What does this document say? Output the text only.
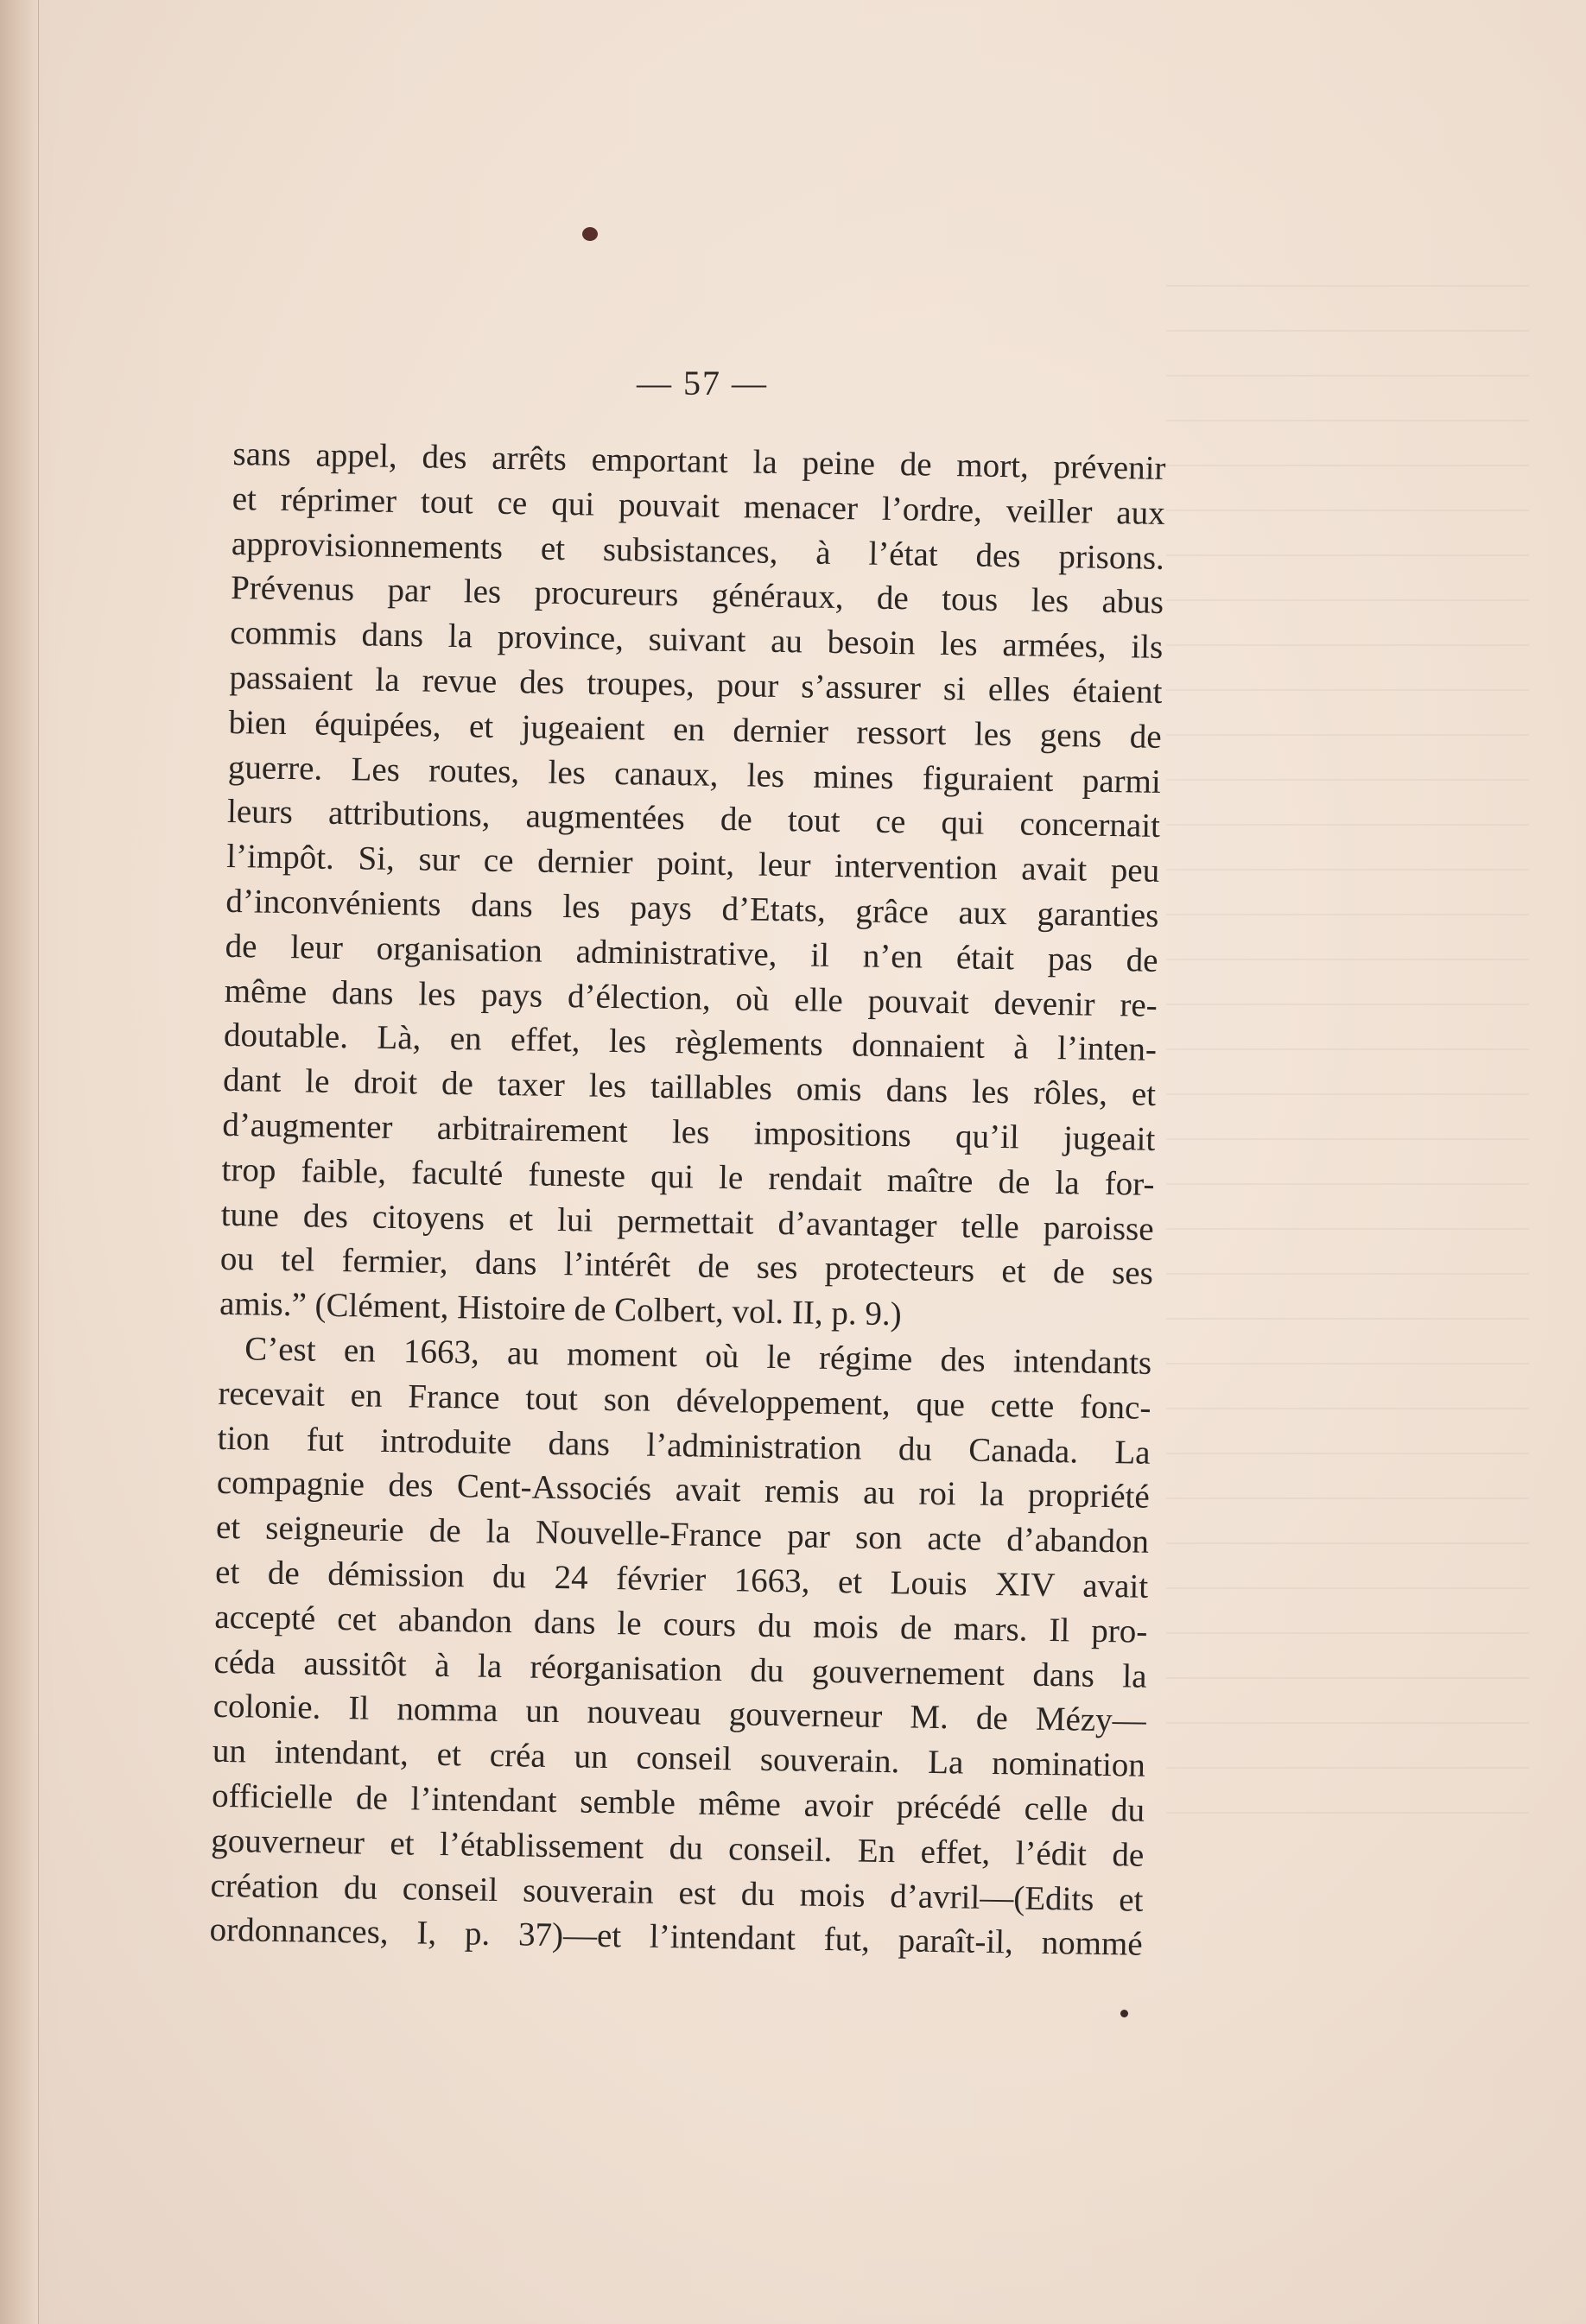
— 57 —
sans appel, des arrêts emportant la peine de mort, prévenir
et réprimer tout ce qui pouvait menacer l’ordre, veiller aux
approvisionnements et subsistances, à l’état des prisons.
Prévenus par les procureurs généraux, de tous les abus
commis dans la province, suivant au besoin les armées, ils
passaient la revue des troupes, pour s’assurer si elles étaient
bien équipées, et jugeaient en dernier ressort les gens de
guerre. Les routes, les canaux, les mines figuraient parmi
leurs attributions, augmentées de tout ce qui concernait
l’impôt. Si, sur ce dernier point, leur intervention avait peu
d’inconvénients dans les pays d’Etats, grâce aux garanties
de leur organisation administrative, il n’en était pas de
même dans les pays d’élection, où elle pouvait devenir re-
doutable. Là, en effet, les règlements donnaient à l’inten-
dant le droit de taxer les taillables omis dans les rôles, et
d’augmenter arbitrairement les impositions qu’il jugeait
trop faible, faculté funeste qui le rendait maître de la for-
tune des citoyens et lui permettait d’avantager telle paroisse
ou tel fermier, dans l’intérêt de ses protecteurs et de ses
amis.” (Clément, Histoire de Colbert, vol. II, p. 9.)
C’est en 1663, au moment où le régime des intendants
recevait en France tout son développement, que cette fonc-
tion fut introduite dans l’administration du Canada. La
compagnie des Cent-Associés avait remis au roi la propriété
et seigneurie de la Nouvelle-France par son acte d’abandon
et de démission du 24 février 1663, et Louis XIV avait
accepté cet abandon dans le cours du mois de mars. Il pro-
céda aussitôt à la réorganisation du gouvernement dans la
colonie. Il nomma un nouveau gouverneur M. de Mézy—
un intendant, et créa un conseil souverain. La nomination
officielle de l’intendant semble même avoir précédé celle du
gouverneur et l’établissement du conseil. En effet, l’édit de
création du conseil souverain est du mois d’avril—(Edits et
ordonnances, I, p. 37)—et l’intendant fut, paraît-il, nommé
